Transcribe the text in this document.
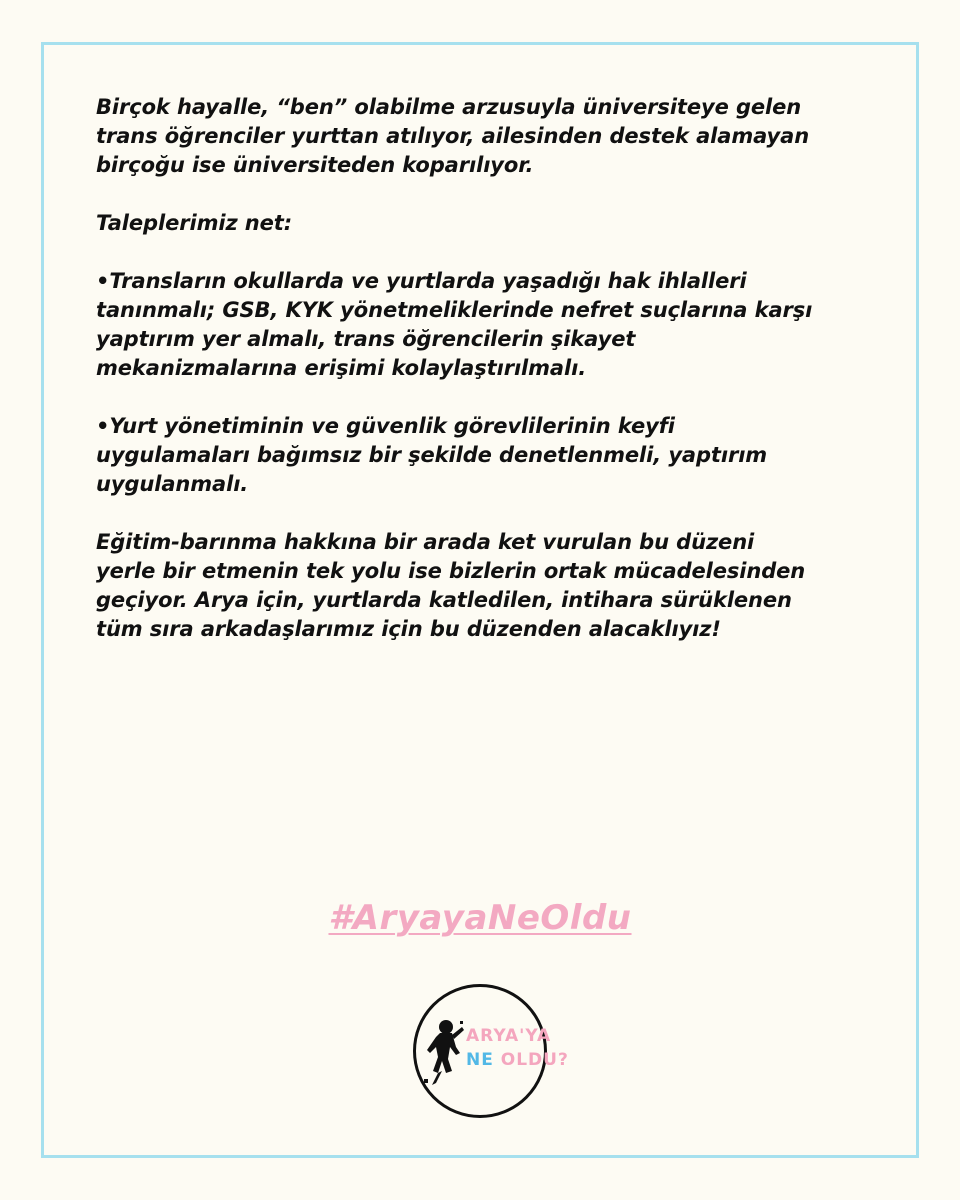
Birçok hayalle, “ben” olabilme arzusuyla üniversiteye gelen
trans öğrenciler yurttan atılıyor, ailesinden destek alamayan
birçoğu ise üniversiteden koparılıyor.

Taleplerimiz net:

•Transların okullarda ve yurtlarda yaşadığı hak ihlalleri
tanınmalı; GSB, KYK yönetmeliklerinde nefret suçlarına karşı
yaptırım yer almalı, trans öğrencilerin şikayet
mekanizmalarına erişimi kolaylaştırılmalı.

•Yurt yönetiminin ve güvenlik görevlilerinin keyfi
uygulamaları bağımsız bir şekilde denetlenmeli, yaptırım
uygulanmalı.

Eğitim-barınma hakkına bir arada ket vurulan bu düzeni
yerle bir etmenin tek yolu ise bizlerin ortak mücadelesinden
geçiyor. Arya için, yurtlarda katledilen, intihara sürüklenen
tüm sıra arkadaşlarımız için bu düzenden alacaklıyız!

#AryayaNeOldu
ARYA'YA
NE OLDU?
